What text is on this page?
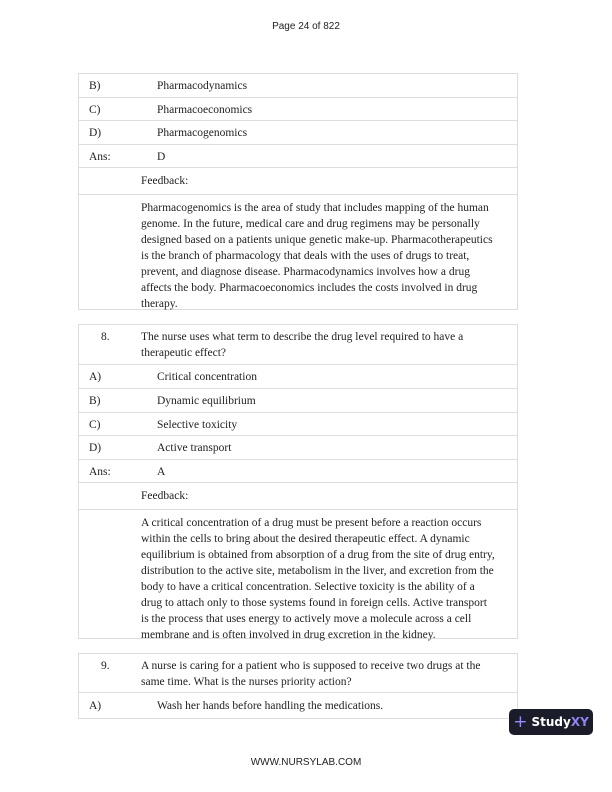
Page 24 of 822
B)	Pharmacodynamics
C)	Pharmacoeconomics
D)	Pharmacogenomics
Ans:	D
Feedback:
Pharmacogenomics is the area of study that includes mapping of the human genome. In the future, medical care and drug regimens may be personally designed based on a patients unique genetic make-up. Pharmacotherapeutics is the branch of pharmacology that deals with the uses of drugs to treat, prevent, and diagnose disease. Pharmacodynamics involves how a drug affects the body. Pharmacoeconomics includes the costs involved in drug therapy.
8.	The nurse uses what term to describe the drug level required to have a therapeutic effect?
A)	Critical concentration
B)	Dynamic equilibrium
C)	Selective toxicity
D)	Active transport
Ans:	A
Feedback:
A critical concentration of a drug must be present before a reaction occurs within the cells to bring about the desired therapeutic effect. A dynamic equilibrium is obtained from absorption of a drug from the site of drug entry, distribution to the active site, metabolism in the liver, and excretion from the body to have a critical concentration. Selective toxicity is the ability of a drug to attach only to those systems found in foreign cells. Active transport is the process that uses energy to actively move a molecule across a cell membrane and is often involved in drug excretion in the kidney.
9.	A nurse is caring for a patient who is supposed to receive two drugs at the same time. What is the nurses priority action?
A)	Wash her hands before handling the medications.
+ Study XY
WWW.NURSYLAB.COM
